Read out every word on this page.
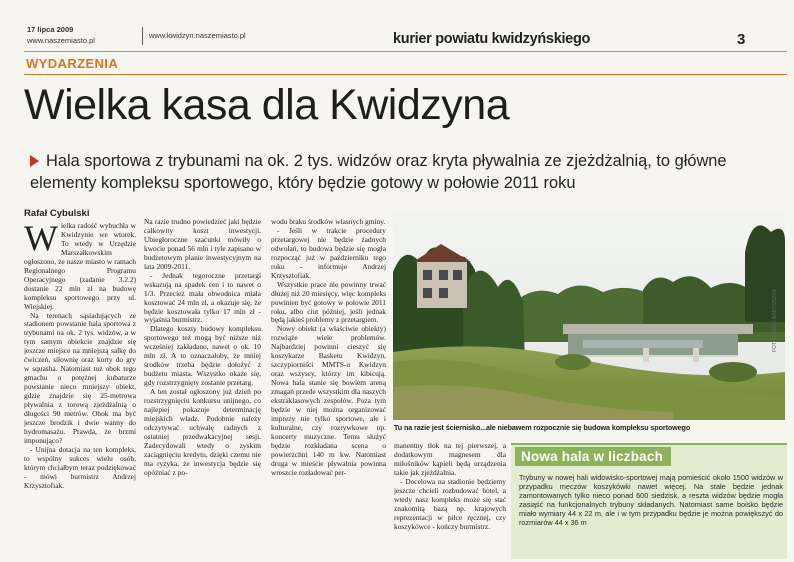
17 lipca 2009
www.naszemiasto.pl
www.kwidzyn.naszemiasto.pl	kurier powiatu kwidzyńskiego	3
WYDARZENIA
Wielka kasa dla Kwidzyna
Hala sportowa z trybunami na ok. 2 tys. widzów oraz kryta pływalnia ze zjeżdżalnią, to główne elementy kompleksu sportowego, który będzie gotowy w połowie 2011 roku
Rafał Cybulski
W ielka radość wybuchła w Kwidzynie we wtorek. To wtedy w Urzędzie Marszałkowskim ogłoszono, że nasze miasto w ramach Regionalnego Programu Operacyjnego (zadanie 3.2.2) dostanie 22 mln zł na budowę kompleksu sportowego przy ul. Wiejskiej.

Na terenach sąsiadujących ze stadionem powstanie hala sportowa z trybunami na ok. 2 tys. widzów, a w tym samym obiekcie znajdzie się jeszcze miejsce na mniejszą salkę do ćwiczeń, siłownię oraz korty do gry w squasha. Natomiast tuż obok tego gmachu o potężnej kubaturze powstanie nieco mniejszy obiekt, gdzie znajdzie się 25-metrowa pływalnia z torową zjeżdżalnią o długości 90 metrów. Obok ma być jeszcze brodzik i dwie wanny do hydromasażu. Prawda, że brzmi imponująco?

- Unijna dotacja na ten kompleks, to wspólny sukces wielu osób, którym chciałbym teraz podziękować - mówi burmistrz Andrzej Krzysztofiak.

Na razie trudno powiedzieć jaki będzie całkowity koszt inwestycji. Ubiegłoroczne szacunki mówiły o kwocie ponad 56 mln i tyle zapisano w budżetowym planie inwestycyjnym na lata 2009-2011.

- Jednak tegoroczne przetargi wskazują na spadek cen i to nawet o 1/3. Przecież mała obwodnica miała kosztować 24 mln zł, a okazuje się, że będzie kosztowała tylko 17 mln zł - wyjaśnia burmistrz.

Dlatego koszty budowy kompleksu sportowego też mogą być niższe niż wcześniej zakładano, nawet o ok. 10 mln zł. A to oznaczałoby, że mniej środków trzeba będzie dołożyć z budżetu miasta. Wszystko okaże się, gdy rozstrzygnięty zostanie przetarg.

A ten został ogłoszony już dzień po rozstrzygnięciu konkursu unijnego, co najlepiej pokazuje determinację miejskich władz. Podobnie należy odczytywać uchwałę radnych z ostatniej przedwakacyjnej sesji. Zadecydowali wtedy o zyskim zaciągnięciu kredytu, dzięki czemu nie ma ryzyka, że inwestycja będzie się opóźniać z po-

wodu braku środków własnych gminy.

- Jeśli w trakcie procedury przetargowej nie będzie żadnych odwołań, to budowa będzie się mogła rozpocząć już w październiku tego roku - informuje Andrzej Krzysztofiak.

Wszystkie prace nie powinny trwać dłużej niż 20 miesięcy, więc kompleks powinien być gotowy w połowie 2011 roku, albo ciut później, jeśli jednak będą jakieś problemy z przetargiem.

Nowy obiekt (a właściwie obiekty) rozwiąże wiele problemów. Najbardziej powinni cieszyć się koszykarze Basketu Kwidzyn, szczypiorniści MMTS-u Kwidzyn oraz wszyscy, którzy im kibicują. Nowa hala stanie się bowiem areną zmagań przede wszystkim dla naszych ekstraklasowych zespołów. Poza tym będzie w niej można organizować imprezy nie tylko sportowe, ale i kulturalne, czy rozrywkowe np. koncerty muzyczne. Temu służyć będzie rozkładana scena o powierzchni 140 m kw. Natomiast druga w mieście pływalnia powinna wreszcie rozładować per-

FOT. ŁUKASZ BARTOSZKA
Tu na razie jest ściernisko...ale niebawem rozpocznie się budowa kompleksu sportowego

manentny tłok na tej pierwszej, a dodatkowym magnesem dla miłośników kąpieli będą urządzenia takie jak zjeżdżalnia.

- Docelowa na stadionie będziemy jeszcze chcieli rozbudować hotel, a wtedy nasz kompleks może się stać znakomitą bazą np. krajowych reprezentacji w piłce ręcznej, czy koszykówce - kończy burmistrz.

Nowa hala w liczbach
Trybuny w nowej hali widowisko-sportowej mają pomieścić około 1500 widzów w przypadku meczów koszykówki nawet więcej. Na stałe będzie jednak zamontowanych tylko nieco ponad 600 siedzisk, a reszta widzów będzie mogła zasiąść na funkcjonalnych trybuny składanych. Natomiast same boisko będzie miało wymiary 44 x 22 m, ale i w tym przypadku będzie je można powiększyć do rozmiarów 44 x 36 m
